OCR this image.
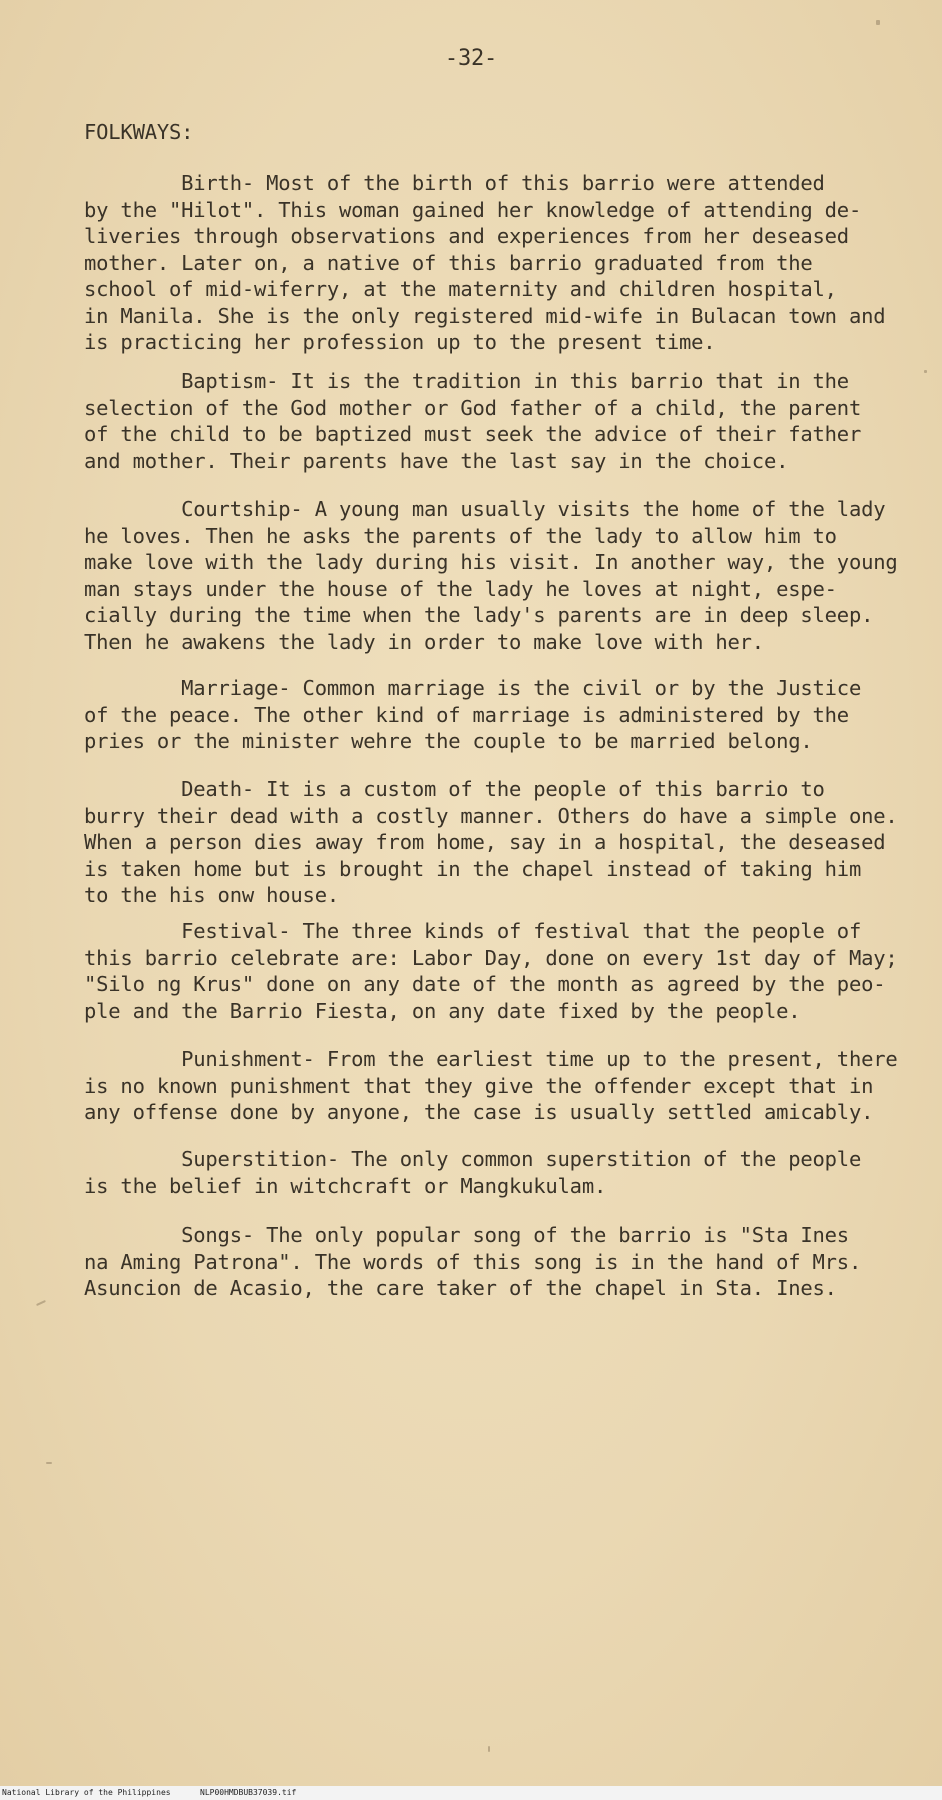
-32-
FOLKWAYS:

Birth- Most of the birth of this barrio were attended
by the "Hilot". This woman gained her knowledge of attending de-
liveries through observations and experiences from her deseased
mother. Later on, a native of this barrio graduated from the
school of mid-wiferry, at the maternity and children hospital,
in Manila. She is the only registered mid-wife in Bulacan town and
is practicing her profession up to the present time.

Baptism- It is the tradition in this barrio that in the
selection of the God mother or God father of a child, the parent
of the child to be baptized must seek the advice of their father
and mother. Their parents have the last say in the choice.

Courtship- A young man usually visits the home of the lady
he loves. Then he asks the parents of the lady to allow him to
make love with the lady during his visit. In another way, the young
man stays under the house of the lady he loves at night, espe-
cially during the time when the lady's parents are in deep sleep.
Then he awakens the lady in order to make love with her.

Marriage- Common marriage is the civil or by the Justice
of the peace. The other kind of marriage is administered by the
pries or the minister wehre the couple to be married belong.

Death- It is a custom of the people of this barrio to
burry their dead with a costly manner. Others do have a simple one.
When a person dies away from home, say in a hospital, the deseased
is taken home but is brought in the chapel instead of taking him
to the his onw house.

Festival- The three kinds of festival that the people of
this barrio celebrate are: Labor Day, done on every 1st day of May;
"Silo ng Krus" done on any date of the month as agreed by the peo-
ple and the Barrio Fiesta, on any date fixed by the people.

Punishment- From the earliest time up to the present, there
is no known punishment that they give the offender except that in
any offense done by anyone, the case is usually settled amicably.

Superstition- The only common superstition of the people
is the belief in witchcraft or Mangkukulam.

Songs- The only popular song of the barrio is "Sta Ines
na Aming Patrona". The words of this song is in the hand of Mrs.
Asuncion de Acasio, the care taker of the chapel in Sta. Ines.

National Library of the Philippines	NLP00HMDBUB37039.tif
